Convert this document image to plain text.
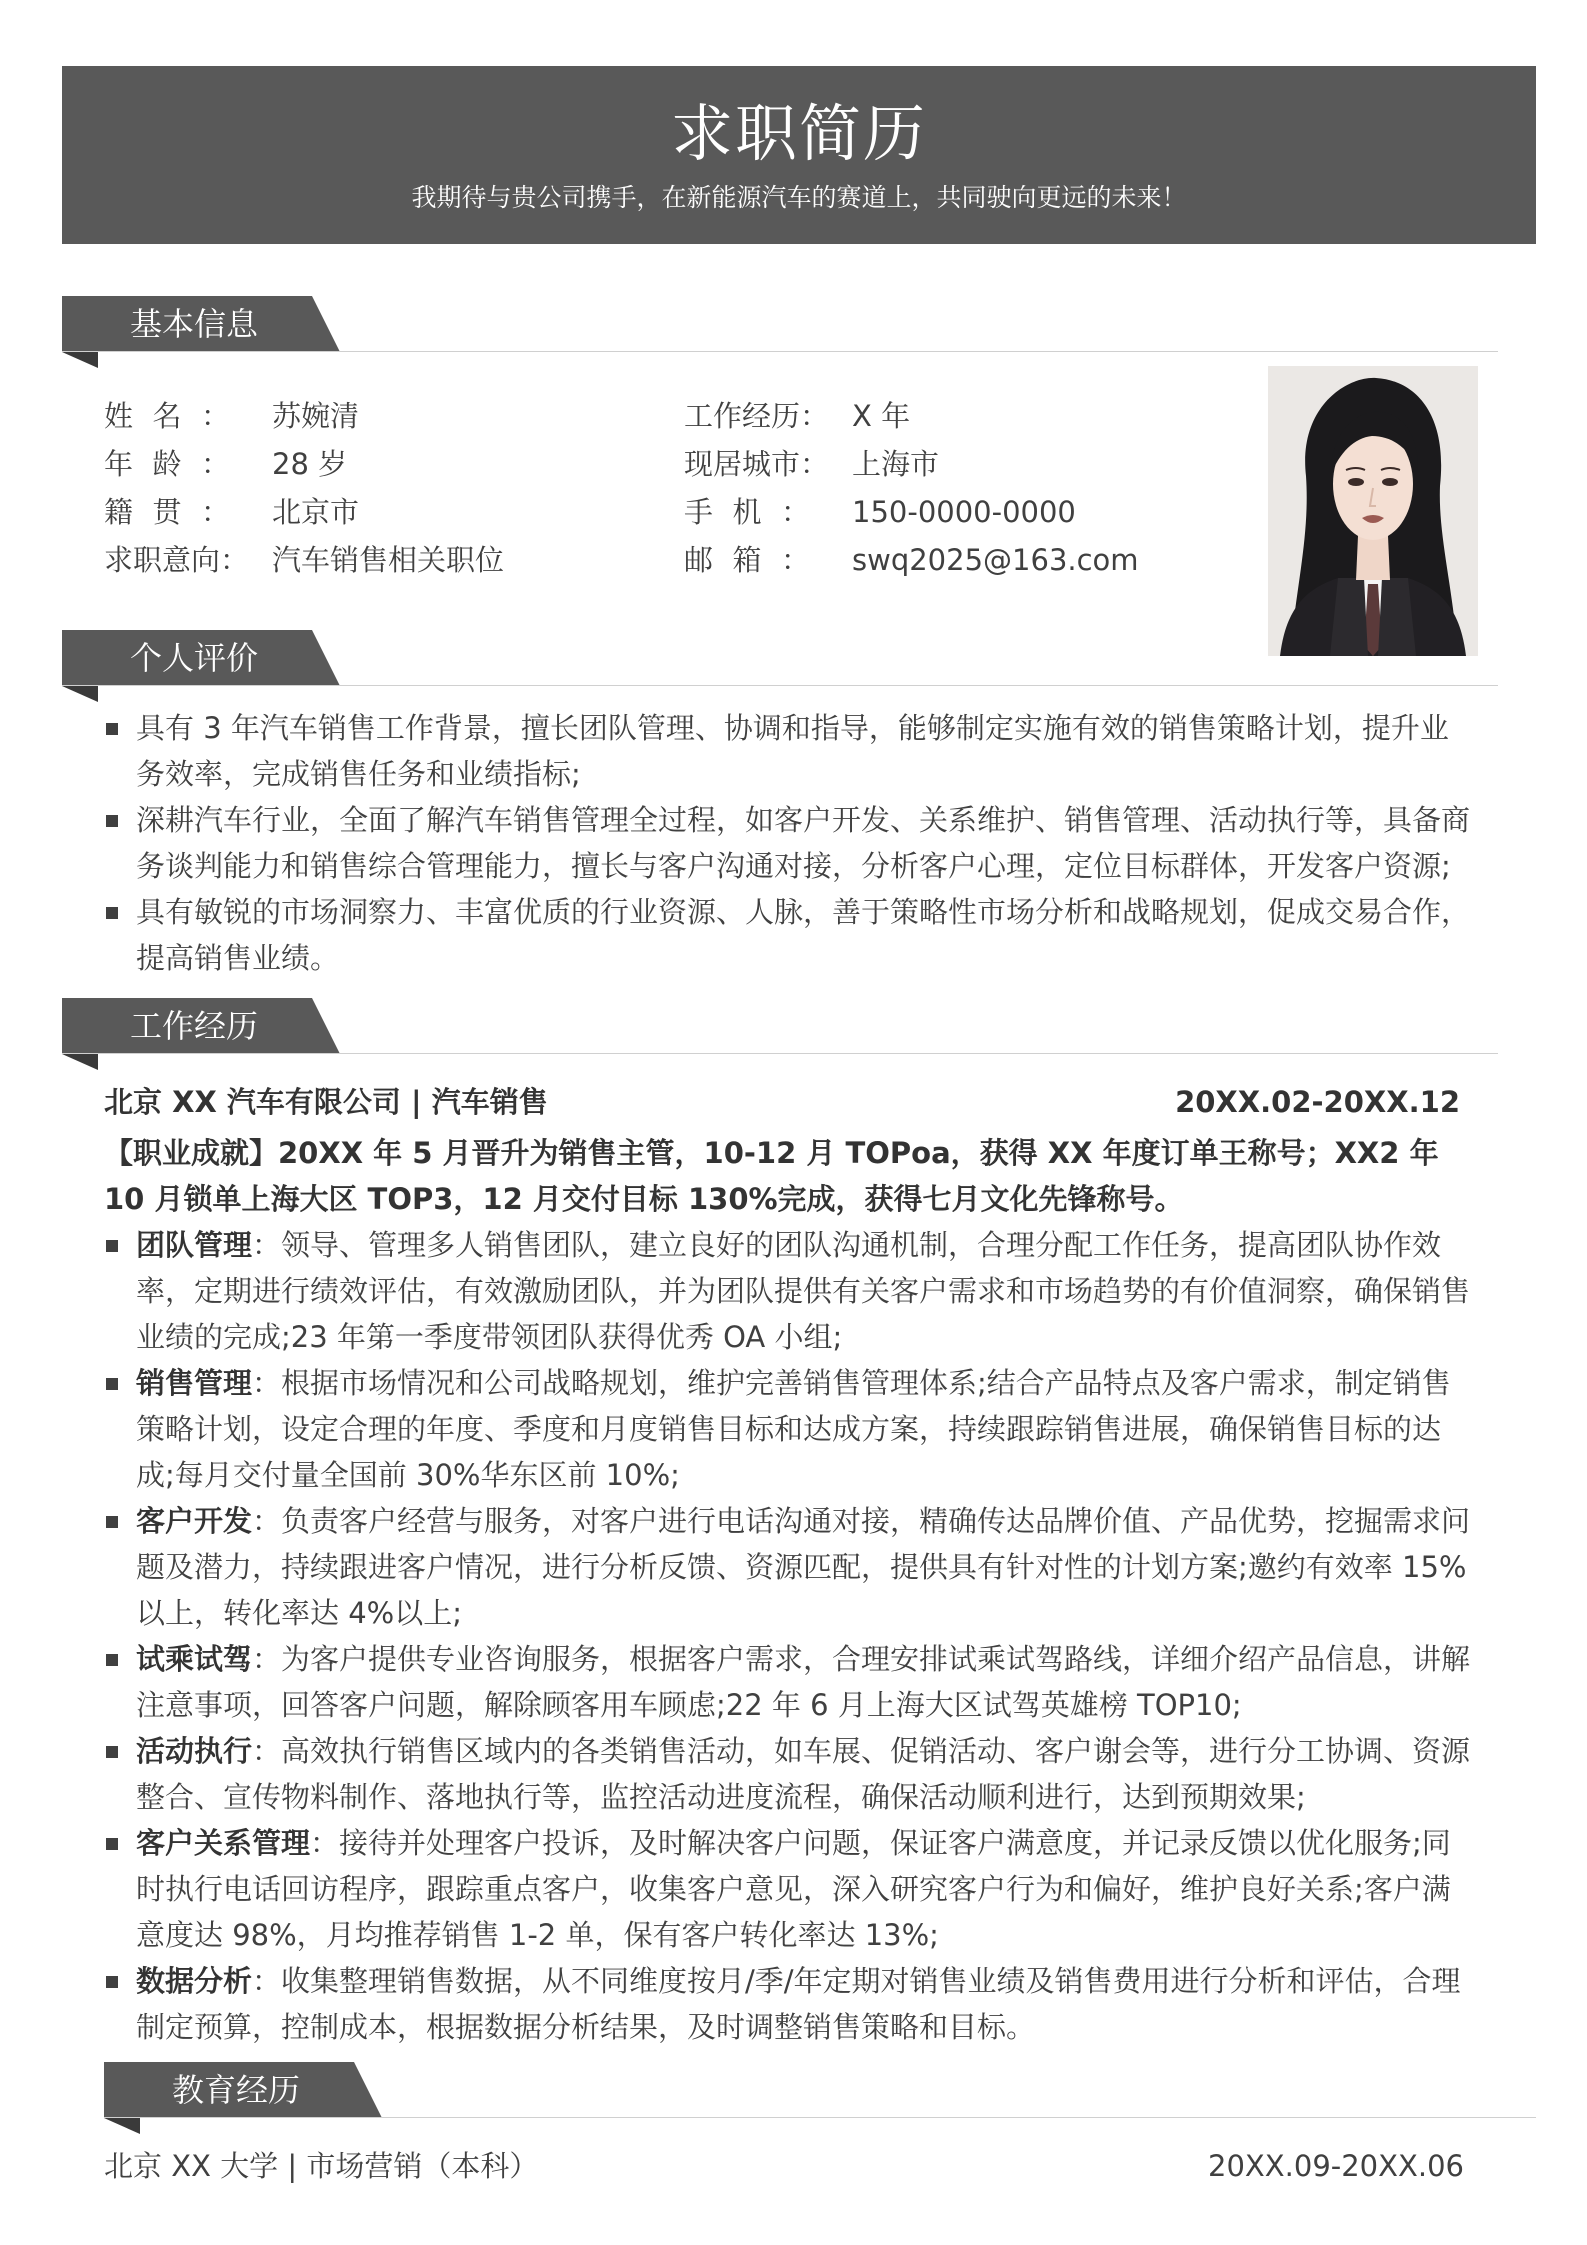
求职简历
我期待与贵公司携手，在新能源汽车的赛道上，共同驶向更远的未来！
基本信息
姓名： 苏婉清
年龄： 28 岁
籍贯： 北京市
求职意向： 汽车销售相关职位
工作经历： X 年
现居城市： 上海市
手机： 150-0000-0000
邮箱： swq2025@163.com
个人评价

具有 3 年汽车销售工作背景，擅长团队管理、协调和指导，能够制定实施有效的销售策略计划，提升业务效率，完成销售任务和业绩指标;

深耕汽车行业，全面了解汽车销售管理全过程，如客户开发、关系维护、销售管理、活动执行等，具备商务谈判能力和销售综合管理能力，擅长与客户沟通对接，分析客户心理，定位目标群体，开发客户资源;

具有敏锐的市场洞察力、丰富优质的行业资源、人脉，善于策略性市场分析和战略规划，促成交易合作，提高销售业绩。

工作经历
北京 XX 汽车有限公司 | 汽车销售	20XX.02-20XX.12
【职业成就】20XX 年 5 月晋升为销售主管，10-12 月 TOPoa，获得 XX 年度订单王称号；XX2 年 10 月锁单上海大区 TOP3，12 月交付目标 130%完成，获得七月文化先锋称号。

团队管理：领导、管理多人销售团队，建立良好的团队沟通机制，合理分配工作任务，提高团队协作效率，定期进行绩效评估，有效激励团队，并为团队提供有关客户需求和市场趋势的有价值洞察，确保销售业绩的完成;23 年第一季度带领团队获得优秀 OA 小组;

销售管理：根据市场情况和公司战略规划，维护完善销售管理体系;结合产品特点及客户需求，制定销售策略计划，设定合理的年度、季度和月度销售目标和达成方案，持续跟踪销售进展，确保销售目标的达成;每月交付量全国前 30%华东区前 10%;

客户开发：负责客户经营与服务，对客户进行电话沟通对接，精确传达品牌价值、产品优势，挖掘需求问题及潜力，持续跟进客户情况，进行分析反馈、资源匹配，提供具有针对性的计划方案;邀约有效率 15%以上，转化率达 4%以上;

试乘试驾：为客户提供专业咨询服务，根据客户需求，合理安排试乘试驾路线，详细介绍产品信息，讲解注意事项，回答客户问题，解除顾客用车顾虑;22 年 6 月上海大区试驾英雄榜 TOP10;

活动执行：高效执行销售区域内的各类销售活动，如车展、促销活动、客户谢会等，进行分工协调、资源整合、宣传物料制作、落地执行等，监控活动进度流程，确保活动顺利进行，达到预期效果;

客户关系管理：接待并处理客户投诉，及时解决客户问题，保证客户满意度，并记录反馈以优化服务;同时执行电话回访程序，跟踪重点客户，收集客户意见，深入研究客户行为和偏好，维护良好关系;客户满意度达 98%，月均推荐销售 1-2 单，保有客户转化率达 13%;

数据分析：收集整理销售数据，从不同维度按月/季/年定期对销售业绩及销售费用进行分析和评估，合理制定预算，控制成本，根据数据分析结果，及时调整销售策略和目标。

教育经历
北京 XX 大学 | 市场营销（本科）	20XX.09-20XX.06
